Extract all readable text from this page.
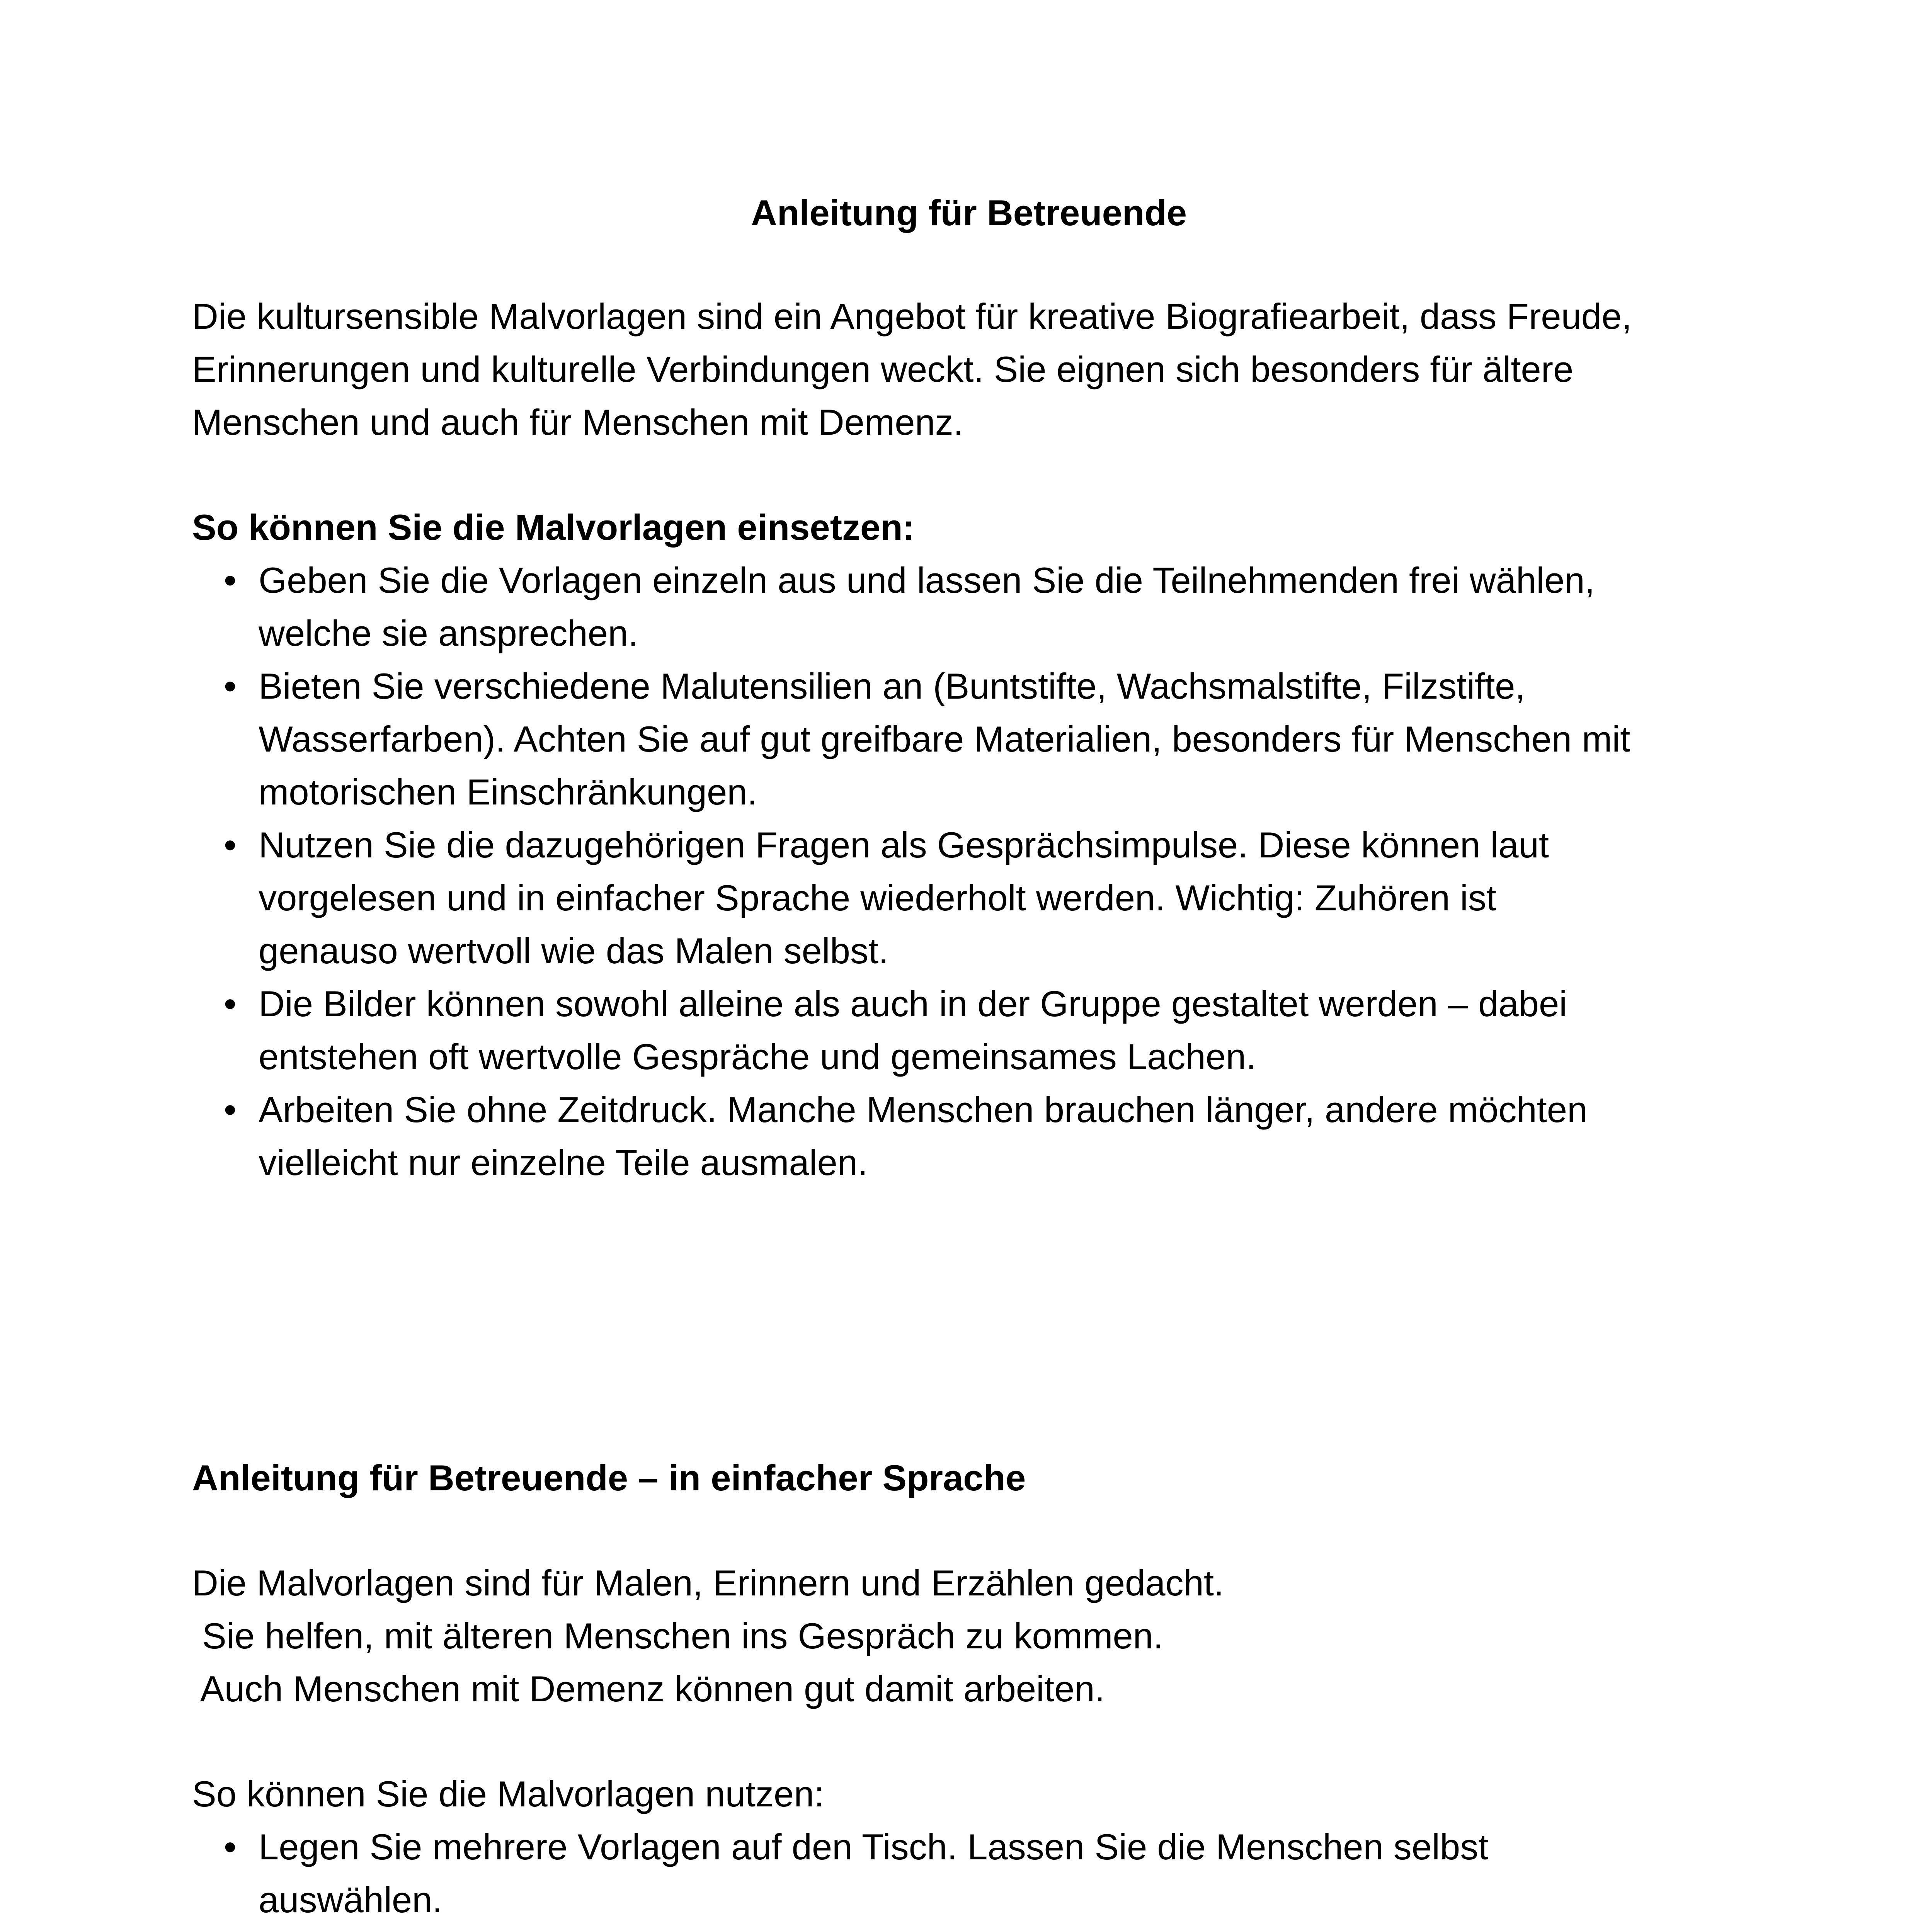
Anleitung für Betreuende

Die kultursensible Malvorlagen sind ein Angebot für kreative Biografiearbeit, dass Freude,
Erinnerungen und kulturelle Verbindungen weckt. Sie eignen sich besonders für ältere
Menschen und auch für Menschen mit Demenz.

So können Sie die Malvorlagen einsetzen:

• Geben Sie die Vorlagen einzeln aus und lassen Sie die Teilnehmenden frei wählen,
welche sie ansprechen.
• Bieten Sie verschiedene Malutensilien an (Buntstifte, Wachsmalstifte, Filzstifte,
Wasserfarben). Achten Sie auf gut greifbare Materialien, besonders für Menschen mit
motorischen Einschränkungen.
• Nutzen Sie die dazugehörigen Fragen als Gesprächsimpulse. Diese können laut
vorgelesen und in einfacher Sprache wiederholt werden. Wichtig: Zuhören ist
genauso wertvoll wie das Malen selbst.
• Die Bilder können sowohl alleine als auch in der Gruppe gestaltet werden – dabei
entstehen oft wertvolle Gespräche und gemeinsames Lachen.
• Arbeiten Sie ohne Zeitdruck. Manche Menschen brauchen länger, andere möchten
vielleicht nur einzelne Teile ausmalen.

Anleitung für Betreuende – in einfacher Sprache

Die Malvorlagen sind für Malen, Erinnern und Erzählen gedacht.
Sie helfen, mit älteren Menschen ins Gespräch zu kommen.
Auch Menschen mit Demenz können gut damit arbeiten.

So können Sie die Malvorlagen nutzen:

• Legen Sie mehrere Vorlagen auf den Tisch. Lassen Sie die Menschen selbst
auswählen.
